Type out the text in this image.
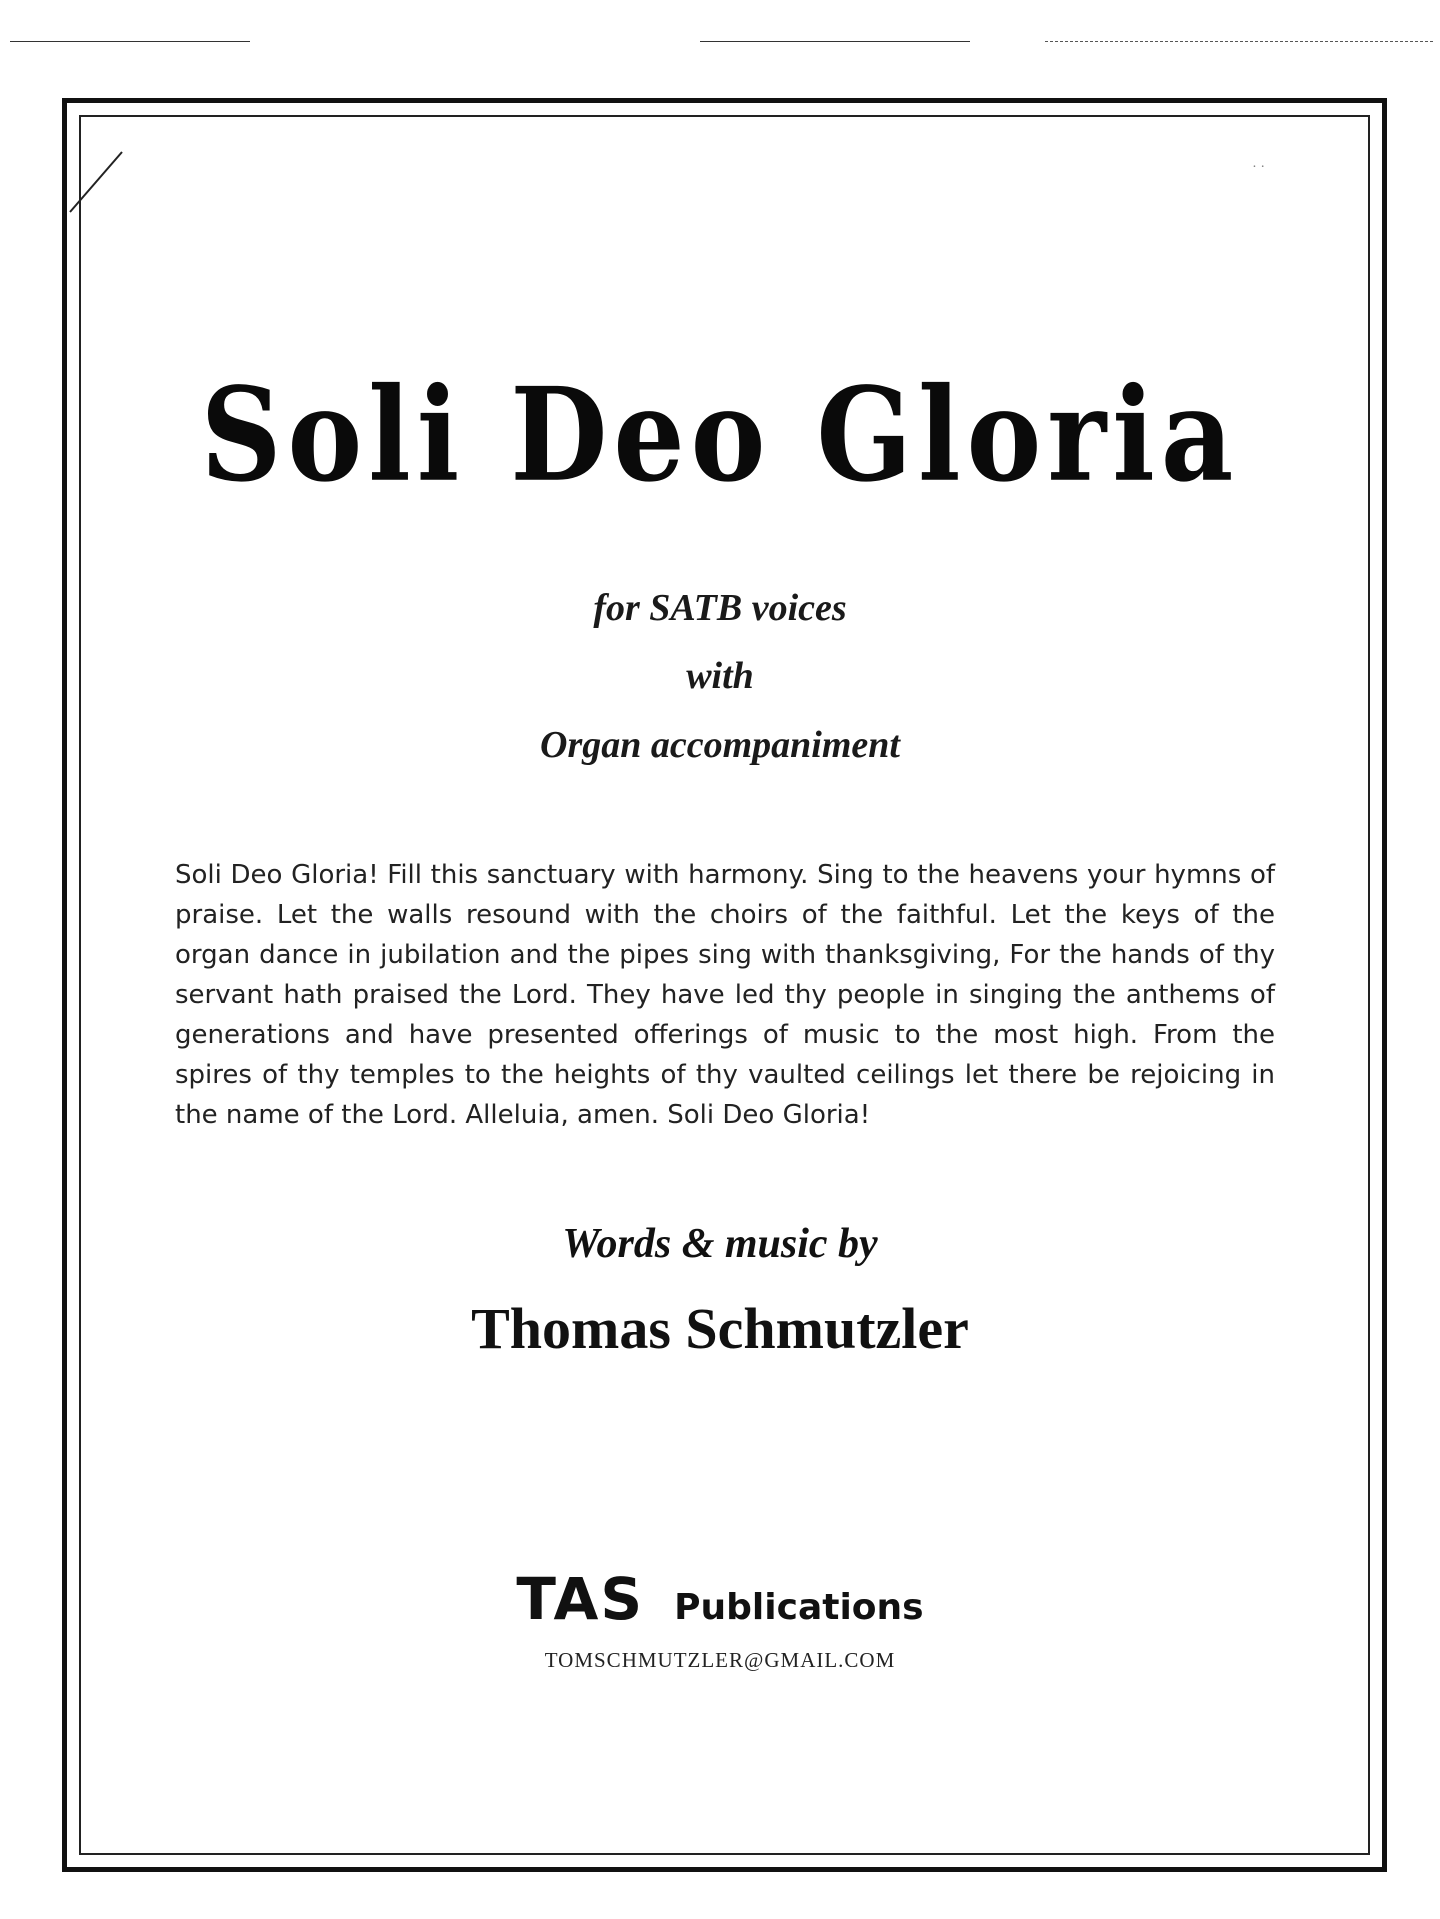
· ·
Soli Deo Gloria
for SATB voices
with
Organ accompaniment
Soli Deo Gloria! Fill this sanctuary with harmony. Sing to the heavens your hymns of praise. Let the walls resound with the choirs of the faithful. Let the keys of the organ dance in jubilation and the pipes sing with thanksgiving, For the hands of thy servant hath praised the Lord. They have led thy people in singing the anthems of generations and have presented offerings of music to the most high. From the spires of thy temples to the heights of thy vaulted ceilings let there be rejoicing in the name of the Lord. Alleluia, amen. Soli Deo Gloria!
Words & music by
Thomas Schmutzler
TAS Publications
TOMSCHMUTZLER@GMAIL.COM
